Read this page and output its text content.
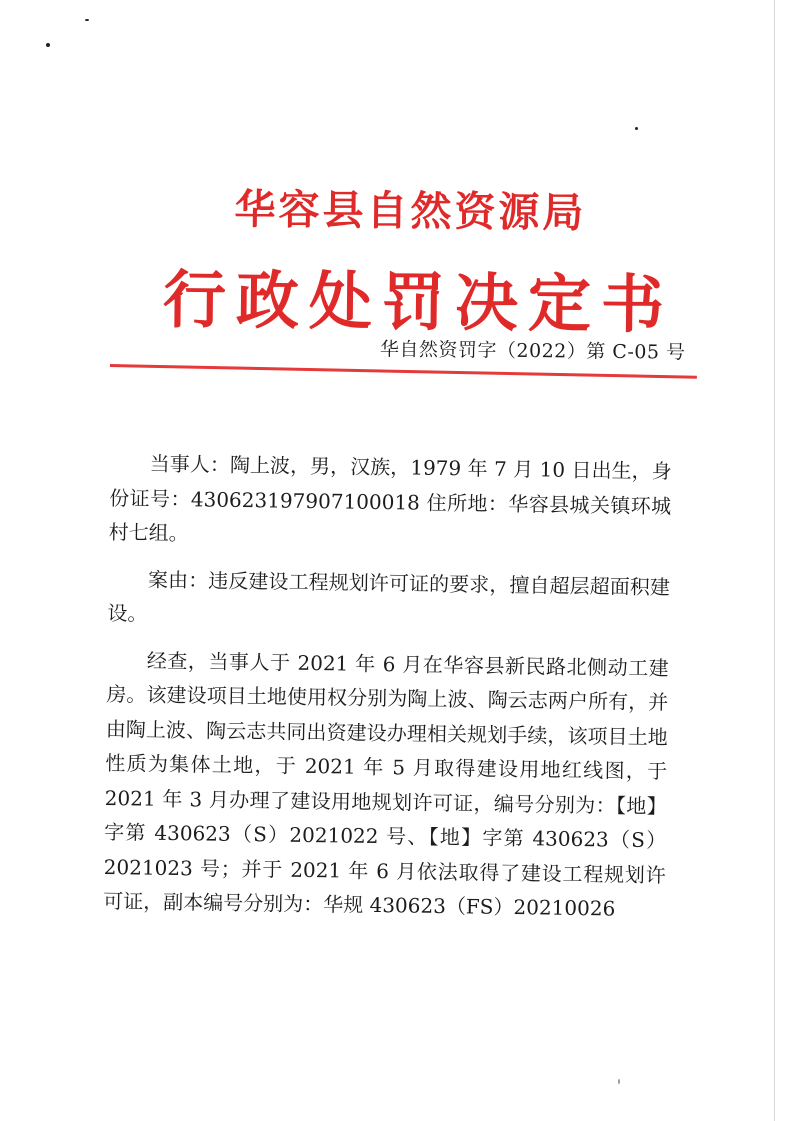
华容县自然资源局
行政处罚决定书
华自然资罚字（2022）第 C-05 号

当事人：陶上波，男，汉族，1979 年 7 月 10 日出生，身份证号：430623197907100018 住所地：华容县城关镇环城村七组。

案由：违反建设工程规划许可证的要求，擅自超层超面积建设。

经查，当事人于 2021 年 6 月在华容县新民路北侧动工建房。该建设项目土地使用权分别为陶上波、陶云志两户所有，并由陶上波、陶云志共同出资建设办理相关规划手续，该项目土地性质为集体土地，于 2021 年 5 月取得建设用地红线图，于 2021 年 3 月办理了建设用地规划许可证，编号分别为：【地】字第 430623（S）2021022 号、【地】字第 430623（S）2021023 号；并于 2021 年 6 月依法取得了建设工程规划许可证，副本编号分别为：华规 430623（FS）20210026
